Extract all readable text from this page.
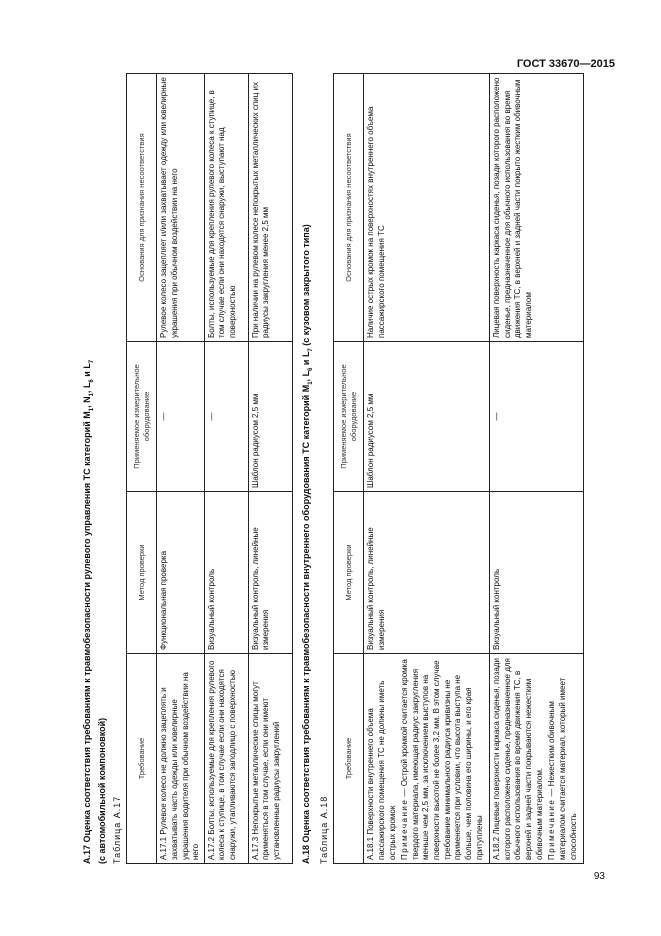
ГОСТ 33670—2015
А.17 Оценка соответствия требованиям к травмобезопасности рулевого управления ТС категорий $М_1$, $N_1$, $L_6$ и $L_7$
(с автомобильной компоновкой) Таблица А.17
Требование	Метод проверки	Применяемое измерительное оборудование	Основания для признания несоответствия
А.17.1 Рулевое колесо не должно зацеплять и захватывать часть одежды или ювелирные украшения водителя при обычном воздействии на него	Функциональная проверка	—	Рулевое колесо зацепляет и/или захватывает одежду или ювелирные украшения при обычном воздействии на него
А.17.2 Болты, используемые для крепления рулевого колеса к ступице, в том случае если они находятся снаружи, утапливаются заподлицо с поверхностью	Визуальный контроль	—	Болты, используемые для крепления рулевого колеса к ступице, в том случае если они находятся снаружи, выступают над поверхностью
А.17.3 Непокрытые металлические спицы могут применяться в том случае, если они имеют установленные радиусы закруглений	Визуальный контроль, линейные измерения	Шаблон радиусом 2,5 мм	При наличии на рулевом колесе непокрытых металлических спиц их радиусы закругления менее 2,5 мм
А.18 Оценка соответствия требованиям к травмобезопасности внутреннего оборудования ТС категорий $М_1$, $L_6$ и $L_7$ (с кузовом закрытого типа)
Таблица А.18
Требование	Метод проверки	Применяемое измерительное оборудование	Основания для признания несоответствия

А.18.1 Поверхности внутреннего объема пассажирского помещения ТС не должны иметь острых кромок Примечание — Острой кромкой считается кромка твердого материала, имеющая радиус закругления меньше чем 2,5 мм, за исключением выступов на поверхности высотой не более 3,2 мм. В этом случае требование минимального радиуса кривизны не применяется при условии, что высота выступа не больше, чем половина его ширины, и его края притуплены	Визуальный контроль, линейные измерения	Шаблон радиусом 2,5 мм	Наличие острых кромок на поверхностях внутреннего объема пассажирского помещения ТС

А.18.2 Лицевые поверхности каркаса сиденья, позади которого расположено сиденье, предназначенное для обычного использования во время движения ТС, в верхней и задней части покрываются нежестким обивочным материалом. Примечание — Нежестким обивочным материалом считается материал, который имеет способность	Визуальный контроль	—	Лицевая поверхность каркаса сиденья, позади которого расположено сиденье, предназначенное для обычного использования во время движения ТС, в верхней и задней части покрыто жестким обивочным материалом
93
